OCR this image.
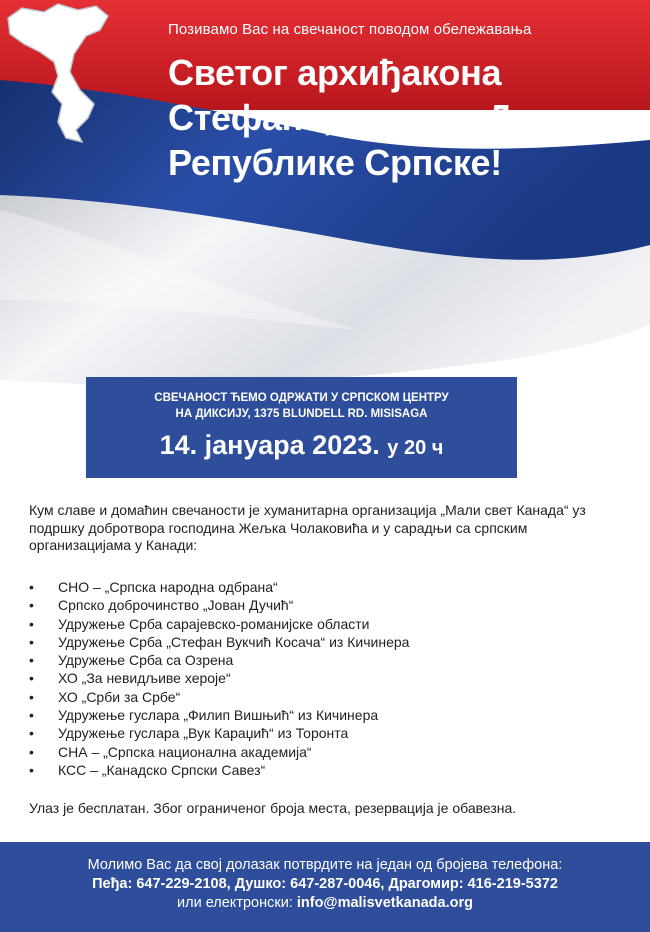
Позивамо Вас на свечаност поводом обележавања
Светог архиђакона
Стефана, славе и Дана
Републике Српске!
СВЕЧАНОСТ ЋЕМО ОДРЖАТИ У СРПСКОМ ЦЕНТРУ
НА ДИКСИЈУ, 1375 BLUNDELL RD. MISISAGA
14. јануара 2023. у 20 ч
Кум славе и домаћин свечаности је хуманитарна организација „Мали свет Канада“ уз подршку добротвора господина Жељка Чолаковића и у сарадњи са српским организацијама у Канади:
• СНО – „Српска народна одбрана“
• Српско доброчинство „Јован Дучић“
• Удружење Срба сарајевско-романијске области
• Удружење Срба „Стефан Вукчић Косача“ из Кичинера
• Удружење Срба са Озрена
• ХО „За невидљиве хероје“
• ХО „Срби за Србе“
• Удружење гуслара „Филип Вишњић“ из Кичинера
• Удружење гуслара „Вук Караџић“ из Торонта
• СНА – „Српска национална академија“
• КСС – „Канадско Српски Савез“
Улаз је бесплатан. Због ограниченог броја места, резервација је обавезна.
Молимо Вас да свој долазак потврдите на један од бројева телефона:
Пеђа: 647-229-2108, Душко: 647-287-0046, Драгомир: 416-219-5372
или електронски: info@malisvetkanada.org
